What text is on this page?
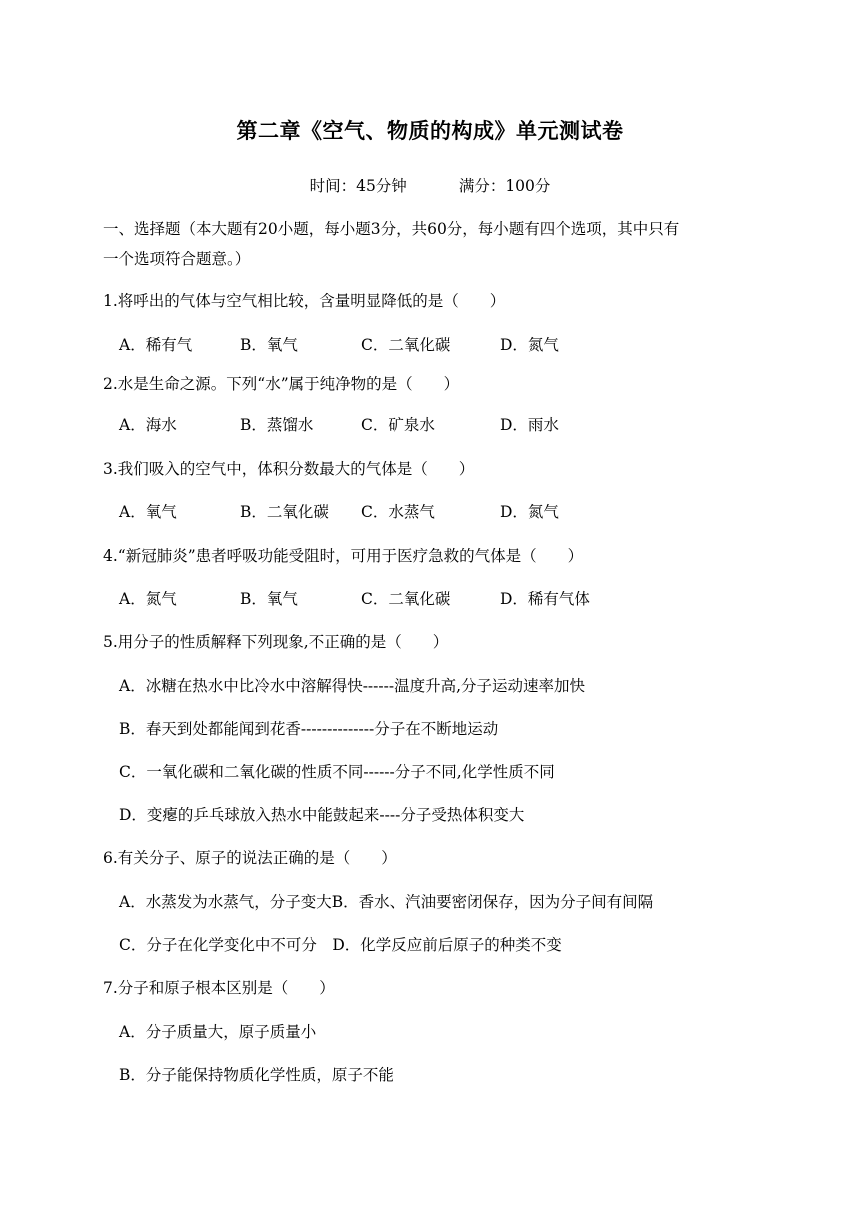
第二章《空气、物质的构成》单元测试卷
时间：45分钟	满分：100分
一、选择题（本大题有20小题，每小题3分，共60分，每小题有四个选项，其中只有
一个选项符合题意。）
1.将呼出的气体与空气相比较，含量明显降低的是（　　）
A．稀有气	B．氧气	C．二氧化碳	D．氮气
2.水是生命之源。下列“水”属于纯净物的是（　　）
A．海水	B．蒸馏水	C．矿泉水	D．雨水
3.我们吸入的空气中，体积分数最大的气体是（　　）
A．氧气	B．二氧化碳 C．水蒸气	D．氮气
4.“新冠肺炎”患者呼吸功能受阻时，可用于医疗急救的气体是（　　）
A．氮气	B．氧气	C．二氧化碳	D．稀有气体
5.用分子的性质解释下列现象,不正确的是（　　）
A．冰糖在热水中比冷水中溶解得快------温度升高,分子运动速率加快
B．春天到处都能闻到花香--------------分子在不断地运动
C．一氧化碳和二氧化碳的性质不同------分子不同,化学性质不同
D．变瘪的乒乓球放入热水中能鼓起来----分子受热体积变大
6.有关分子、原子的说法正确的是（　　）
A．水蒸发为水蒸气，分子变大B．香水、汽油要密闭保存，因为分子间有间隔
C．分子在化学变化中不可分　D．化学反应前后原子的种类不变
7.分子和原子根本区别是（　　）
A．分子质量大，原子质量小
B．分子能保持物质化学性质，原子不能
